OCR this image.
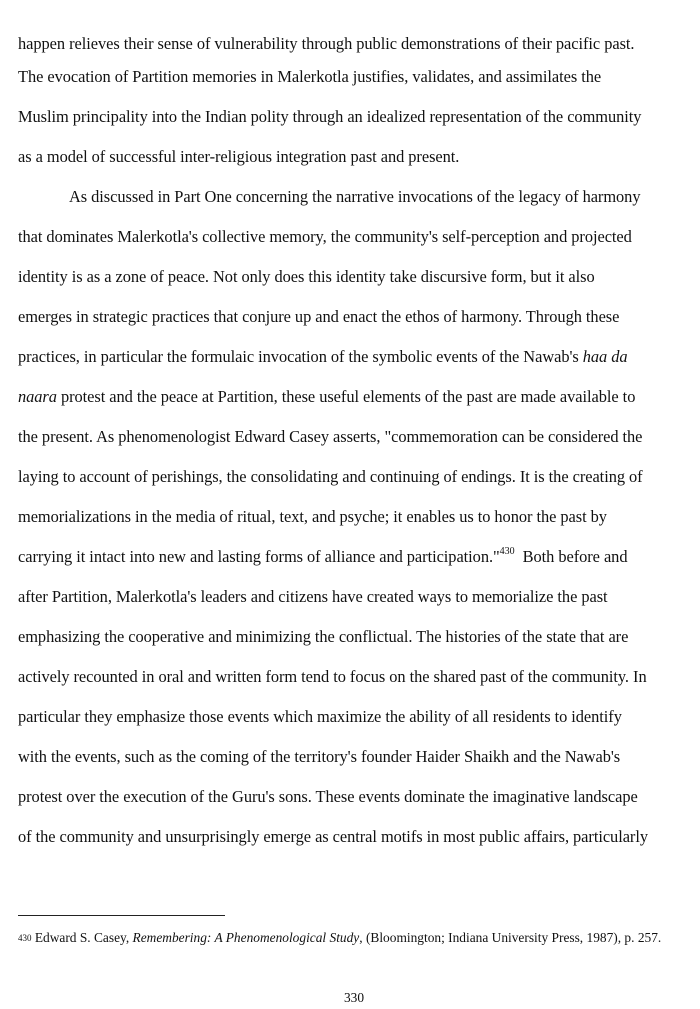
happen relieves their sense of vulnerability through public demonstrations of their pacific past.
The evocation of Partition memories in Malerkotla justifies, validates, and assimilates the
Muslim principality into the Indian polity through an idealized representation of the community
as a model of successful inter-religious integration past and present.
As discussed in Part One concerning the narrative invocations of the legacy of harmony
that dominates Malerkotla's collective memory, the community's self-perception and projected
identity is as a zone of peace. Not only does this identity take discursive form, but it also
emerges in strategic practices that conjure up and enact the ethos of harmony. Through these
practices, in particular the formulaic invocation of the symbolic events of the Nawab's haa da
naara protest and the peace at Partition, these useful elements of the past are made available to
the present. As phenomenologist Edward Casey asserts, "commemoration can be considered the
laying to account of perishings, the consolidating and continuing of endings. It is the creating of
memorializations in the media of ritual, text, and psyche; it enables us to honor the past by
carrying it intact into new and lasting forms of alliance and participation."$^{430}$  Both before and
after Partition, Malerkotla's leaders and citizens have created ways to memorialize the past
emphasizing the cooperative and minimizing the conflictual. The histories of the state that are
actively recounted in oral and written form tend to focus on the shared past of the community. In
particular they emphasize those events which maximize the ability of all residents to identify
with the events, such as the coming of the territory's founder Haider Shaikh and the Nawab's
protest over the execution of the Guru's sons. These events dominate the imaginative landscape
of the community and unsurprisingly emerge as central motifs in most public affairs, particularly
$^{430}$ Edward S. Casey, Remembering: A Phenomenological Study, (Bloomington; Indiana University Press, 1987), p. 257.
330
